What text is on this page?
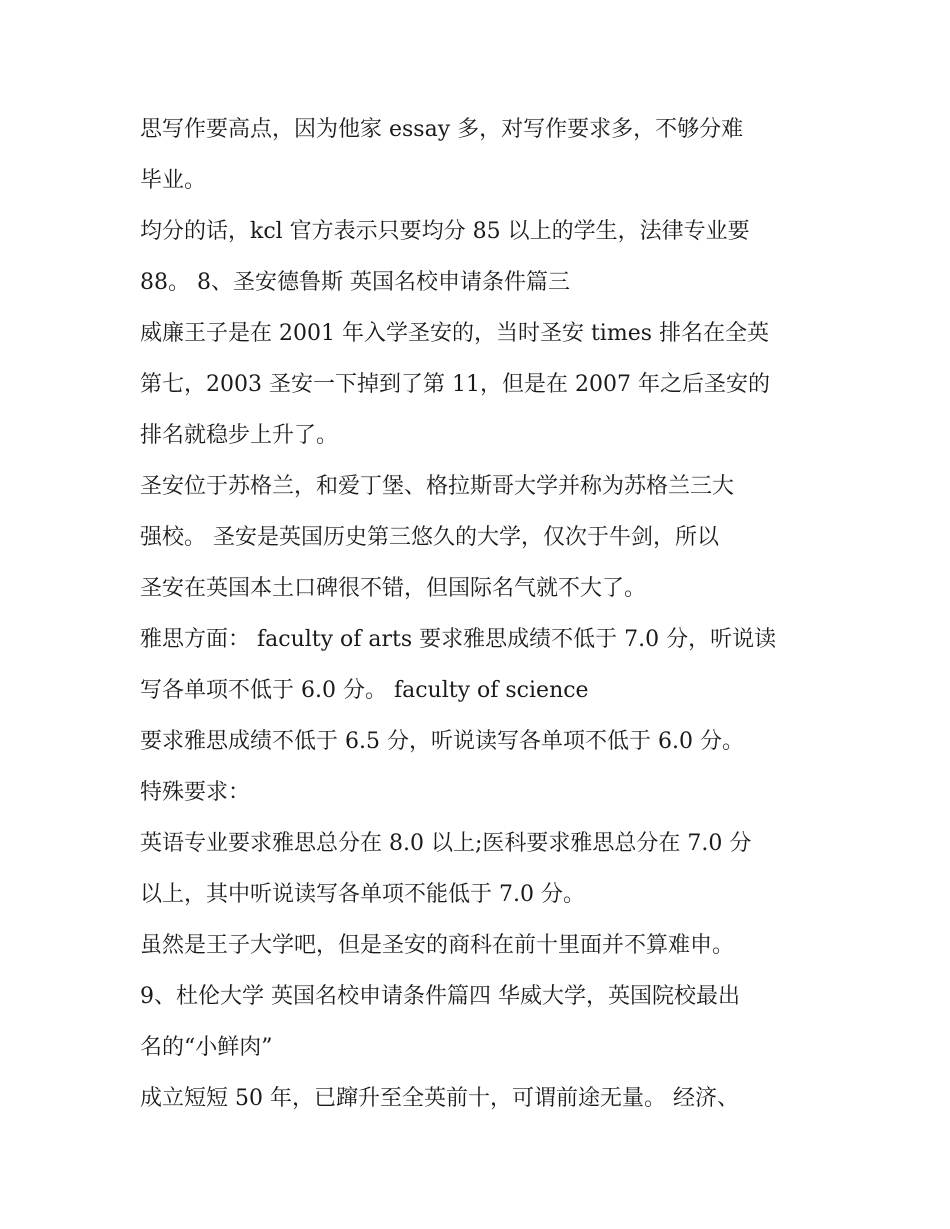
思写作要高点，因为他家 essay 多，对写作要求多，不够分难
毕业。
均分的话，kcl 官方表示只要均分 85 以上的学生，法律专业要
88。 8、圣安德鲁斯 英国名校申请条件篇三
威廉王子是在 2001 年入学圣安的，当时圣安 times 排名在全英
第七，2003 圣安一下掉到了第 11，但是在 2007 年之后圣安的
排名就稳步上升了。
圣安位于苏格兰，和爱丁堡、格拉斯哥大学并称为苏格兰三大
强校。 圣安是英国历史第三悠久的大学，仅次于牛剑，所以
圣安在英国本土口碑很不错，但国际名气就不大了。
雅思方面： faculty of arts 要求雅思成绩不低于 7.0 分，听说读
写各单项不低于 6.0 分。 faculty of science
要求雅思成绩不低于 6.5 分，听说读写各单项不低于 6.0 分。
特殊要求：
英语专业要求雅思总分在 8.0 以上;医科要求雅思总分在 7.0 分
以上，其中听说读写各单项不能低于 7.0 分。
虽然是王子大学吧，但是圣安的商科在前十里面并不算难申。
9、杜伦大学 英国名校申请条件篇四 华威大学，英国院校最出
名的“小鲜肉”
成立短短 50 年，已蹿升至全英前十，可谓前途无量。 经济、
